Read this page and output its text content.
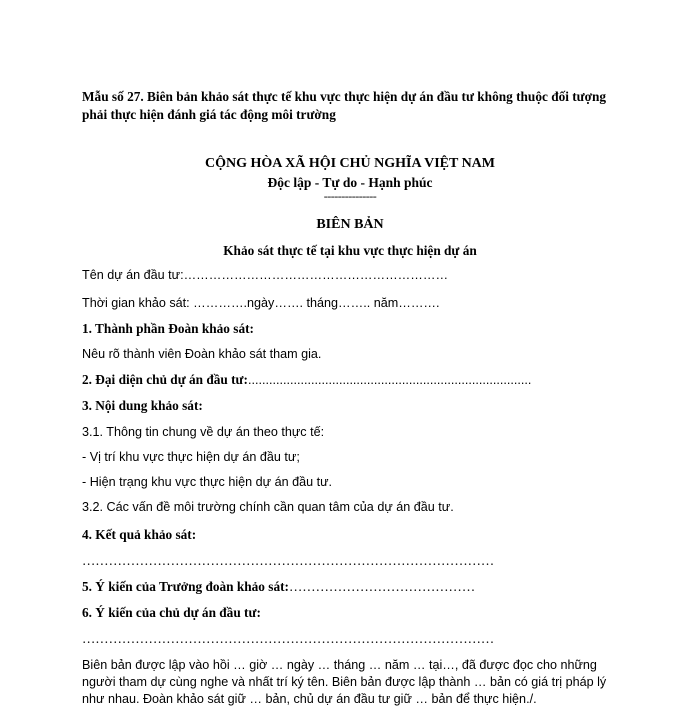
Mẫu số 27. Biên bản khảo sát thực tế khu vực thực hiện dự án đầu tư không thuộc đối tượng phải thực hiện đánh giá tác động môi trường
CỘNG HÒA XÃ HỘI CHỦ NGHĨA VIỆT NAM
Độc lập - Tự do - Hạnh phúc
---------------
BIÊN BẢN
Khảo sát thực tế tại khu vực thực hiện dự án
Tên dự án đầu tư:………………………………………………………
Thời gian khảo sát: ………….ngày……. tháng…….. năm……….
1. Thành phần Đoàn khảo sát:
Nêu rõ thành viên Đoàn khảo sát tham gia.
2. Đại diện chủ dự án đầu tư:.................................................................................
3. Nội dung khảo sát:
3.1. Thông tin chung về dự án theo thực tế:
- Vị trí khu vực thực hiện dự án đầu tư;
- Hiện trạng khu vực thực hiện dự án đầu tư.
3.2. Các vấn đề môi trường chính cần quan tâm của dự án đầu tư.
4. Kết quả khảo sát:
…………………………………………………………………………………
5. Ý kiến của Trưởng đoàn khảo sát:……………………………………
6. Ý kiến của chủ dự án đầu tư:
…………………………………………………………………………………
Biên bản được lập vào hồi … giờ … ngày … tháng … năm … tại…, đã được đọc cho những người tham dự cùng nghe và nhất trí ký tên. Biên bản được lập thành … bản có giá trị pháp lý như nhau. Đoàn khảo sát giữ … bản, chủ dự án đầu tư giữ … bản để thực hiện./.
